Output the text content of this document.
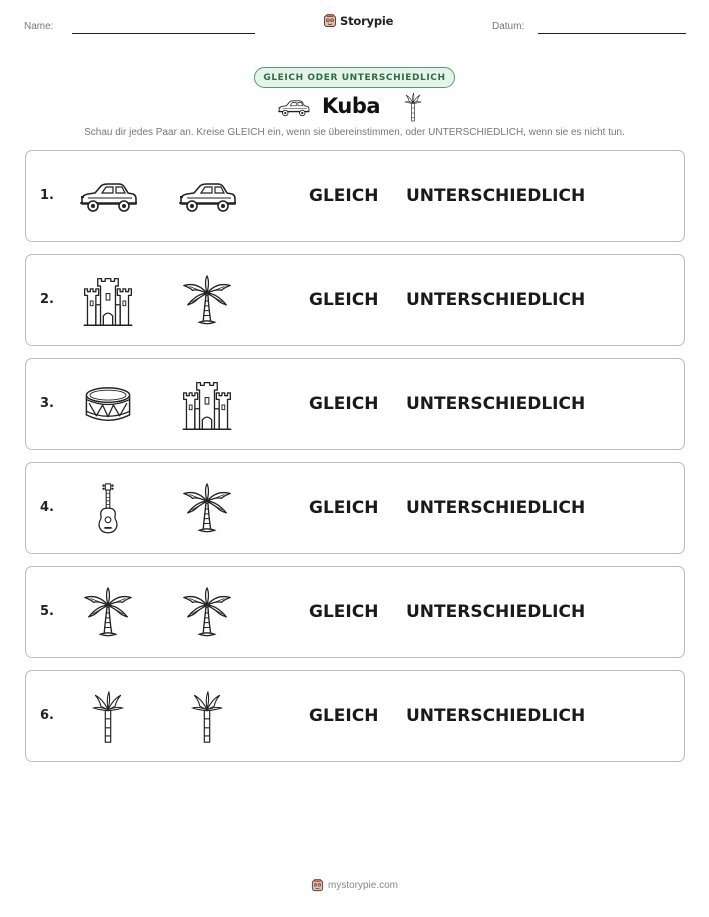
Name:	Storypie	Datum:
GLEICH ODER UNTERSCHIEDLICH
Kuba
Schau dir jedes Paar an. Kreise GLEICH ein, wenn sie übereinstimmen, oder UNTERSCHIEDLICH, wenn sie es nicht tun.
1.	GLEICH UNTERSCHIEDLICH
2.	GLEICH UNTERSCHIEDLICH
3.	GLEICH UNTERSCHIEDLICH
4.	GLEICH UNTERSCHIEDLICH
5.	GLEICH UNTERSCHIEDLICH
6.	GLEICH UNTERSCHIEDLICH
mystorypie.com
